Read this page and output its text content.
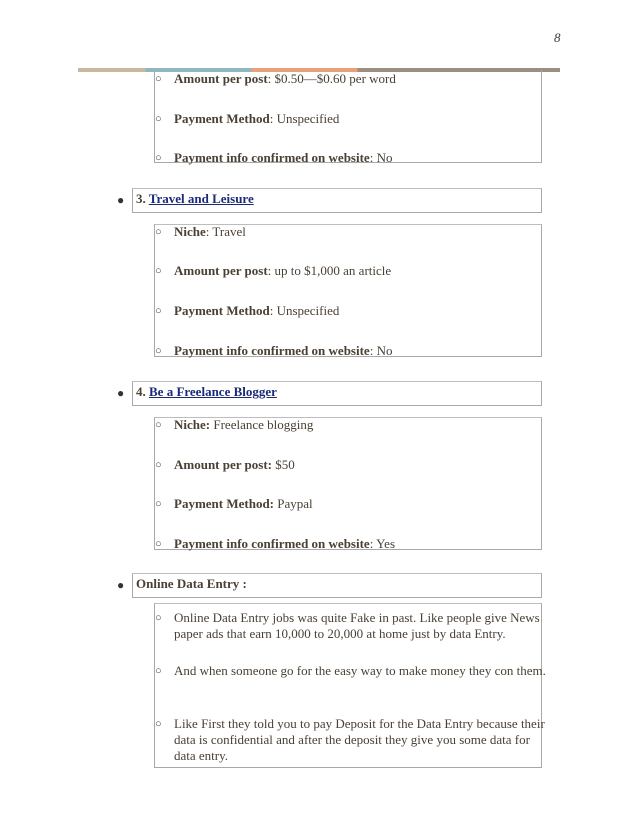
8
○ Amount per post: $0.50—$0.60 per word
○ Payment Method: Unspecified
○ Payment info confirmed on website: No
● 3. Travel and Leisure
○ Niche: Travel
○ Amount per post: up to $1,000 an article
○ Payment Method: Unspecified
○ Payment info confirmed on website: No
● 4. Be a Freelance Blogger
○ Niche: Freelance blogging
○ Amount per post: $50
○ Payment Method: Paypal
○ Payment info confirmed on website: Yes
● Online Data Entry :
○ Online Data Entry jobs was quite Fake in past. Like people give News paper ads that earn 10,000 to 20,000 at home just by data Entry.
○ And when someone go for the easy way to make money they con them.
○ Like First they told you to pay Deposit for the Data Entry because their data is confidential and after the deposit they give you some data for data entry.
